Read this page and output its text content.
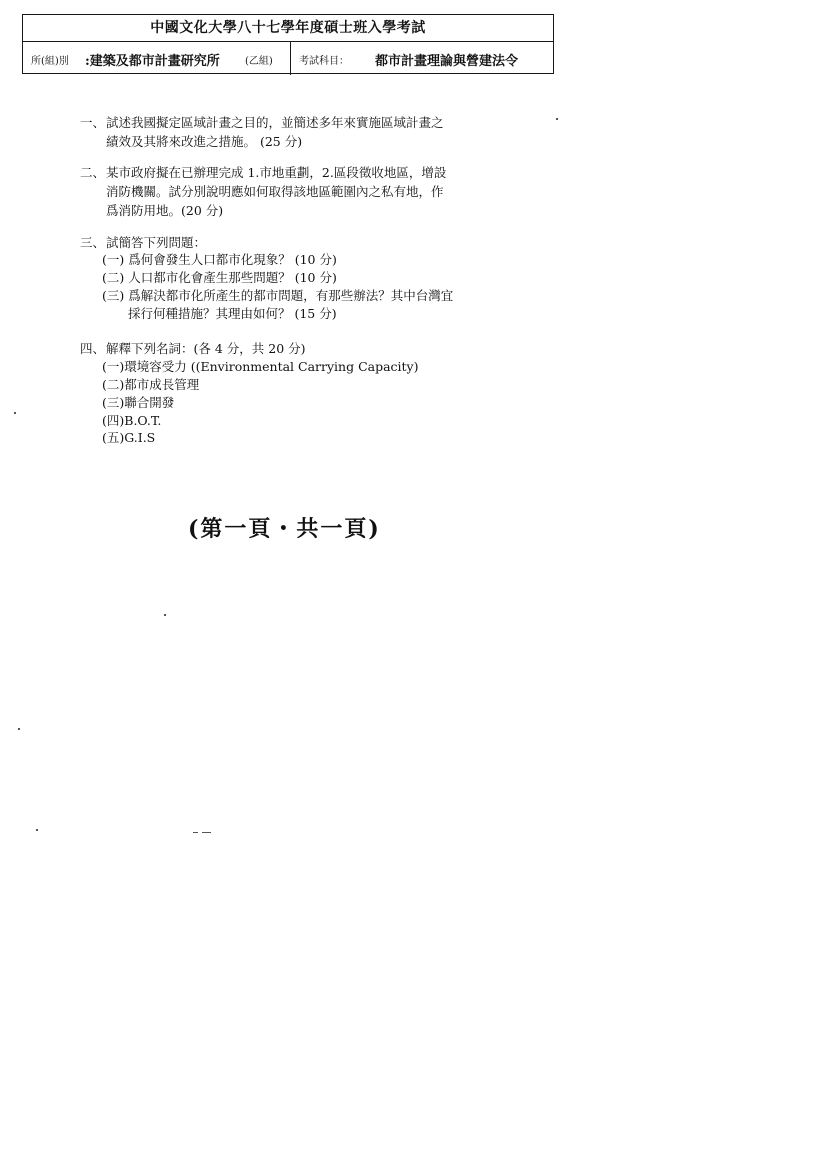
中國文化大學八十七學年度碩士班入學考試
所(組)別 :建築及都市計畫研究所	(乙組)	考試科目： 都市計畫理論與營建法令
一、試述我國擬定區域計畫之目的，並簡述多年來實施區域計畫之
績效及其將來改進之措施。 (25 分)
二、某市政府擬在已辦理完成 1.市地重劃，2.區段徵收地區，增設
消防機關。試分別說明應如何取得該地區範圍內之私有地，作
爲消防用地。(20 分)
三、試簡答下列問題：
(一) 爲何會發生人口都市化現象？ (10 分)
(二) 人口都市化會產生那些問題？ (10 分)
(三) 爲解決都市化所產生的都市問題，有那些辦法？其中台灣宜
採行何種措施？其理由如何？ (15 分)
四、解釋下列名詞：(各 4 分，共 20 分)
(一)環境容受力 ((Environmental Carrying Capacity)
(二)都市成長管理
(三)聯合開發
(四)B.O.T.
(五)G.I.S
(第一頁・共一頁)
